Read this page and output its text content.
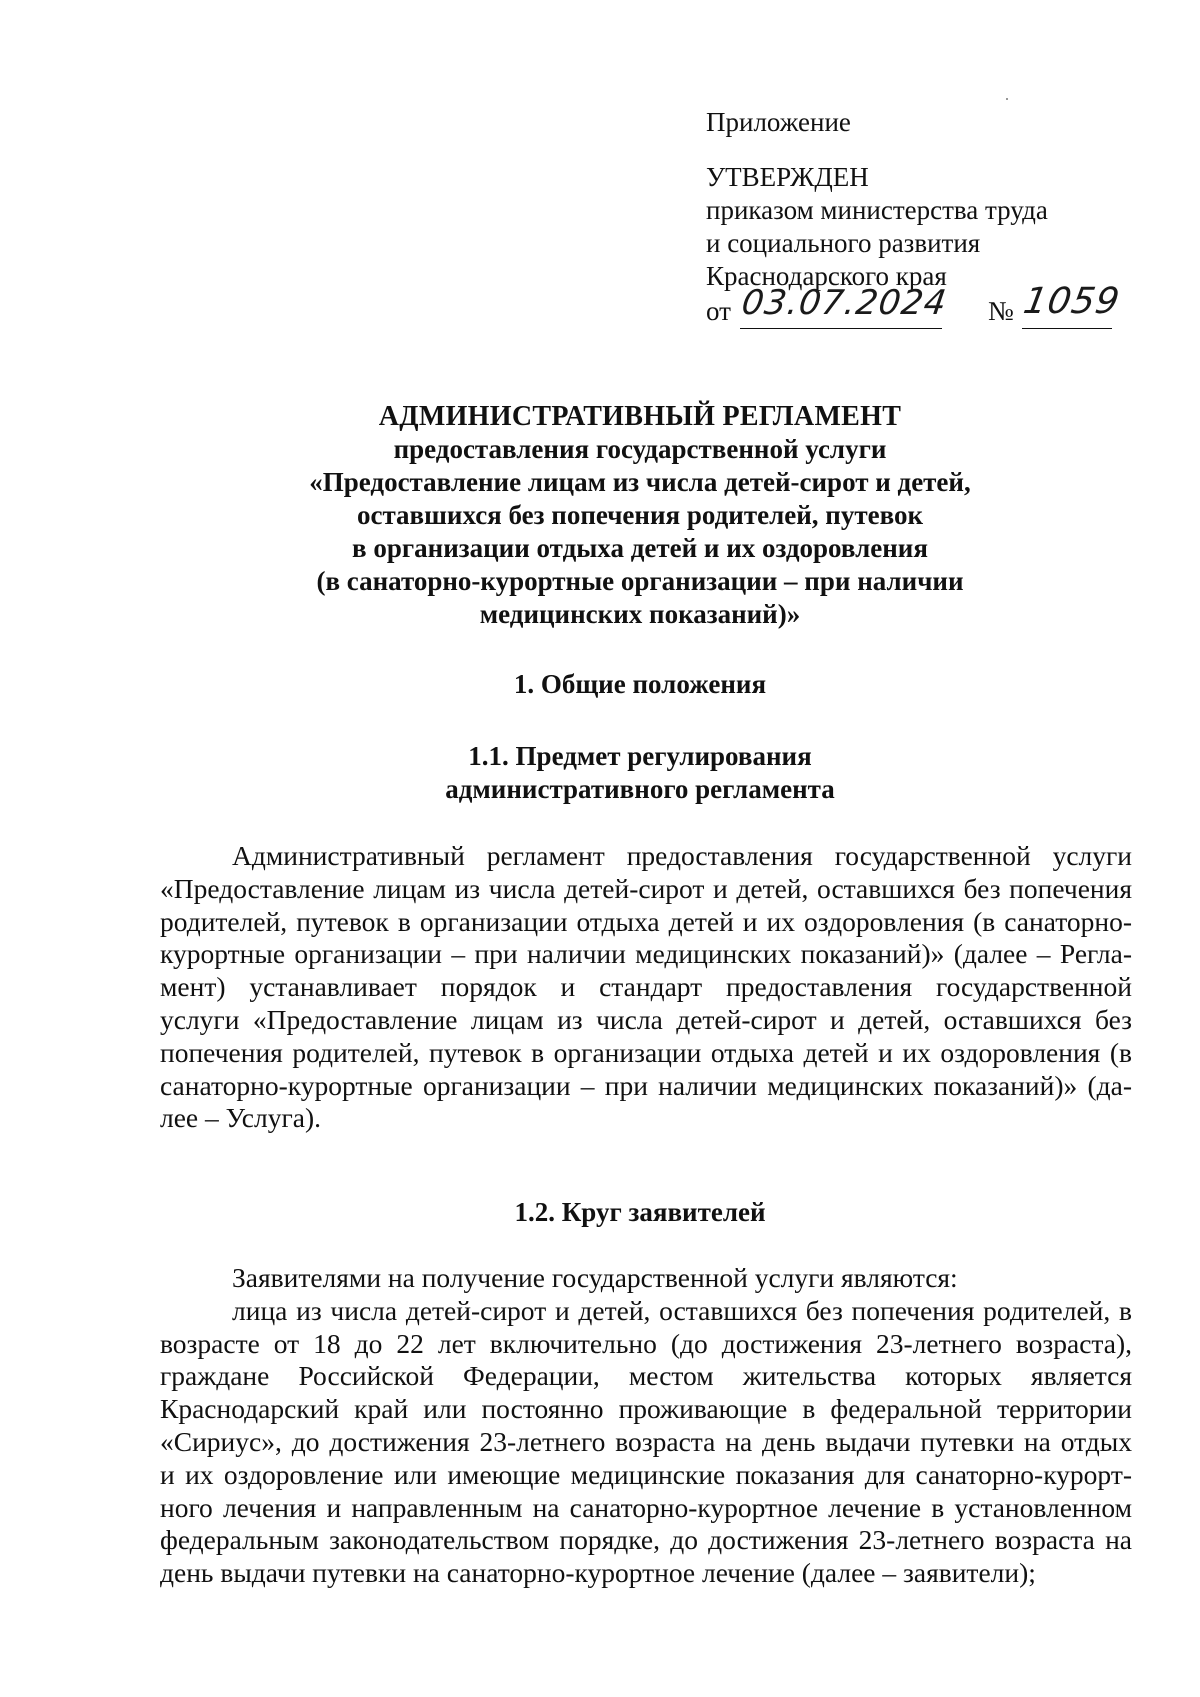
Приложение
УТВЕРЖДЕН
приказом министерства труда
и социального развития
Краснодарского края
от 03.07.2024 № 1059
АДМИНИСТРАТИВНЫЙ РЕГЛАМЕНТ
предоставления государственной услуги
«Предоставление лицам из числа детей-сирот и детей,
оставшихся без попечения родителей, путевок
в организации отдыха детей и их оздоровления
(в санаторно-курортные организации – при наличии
медицинских показаний)»
1. Общие положения
1.1. Предмет регулирования
административного регламента
Административный регламент предоставления государственной услуги
«Предоставление лицам из числа детей-сирот и детей, оставшихся без попечения
родителей, путевок в организации отдыха детей и их оздоровления (в санаторно-
курортные организации – при наличии медицинских показаний)» (далее – Регла-
мент) устанавливает порядок и стандарт предоставления государственной
услуги «Предоставление лицам из числа детей-сирот и детей, оставшихся без
попечения родителей, путевок в организации отдыха детей и их оздоровления (в
санаторно-курортные организации – при наличии медицинских показаний)» (да-
лее – Услуга).
1.2. Круг заявителей
Заявителями на получение государственной услуги являются:
лица из числа детей-сирот и детей, оставшихся без попечения родителей, в
возрасте от 18 до 22 лет включительно (до достижения 23-летнего возраста),
граждане Российской Федерации, местом жительства которых является
Краснодарский край или постоянно проживающие в федеральной территории
«Сириус», до достижения 23-летнего возраста на день выдачи путевки на отдых
и их оздоровление или имеющие медицинские показания для санаторно-курорт-
ного лечения и направленным на санаторно-курортное лечение в установленном
федеральным законодательством порядке, до достижения 23-летнего возраста на
день выдачи путевки на санаторно-курортное лечение (далее – заявители);
